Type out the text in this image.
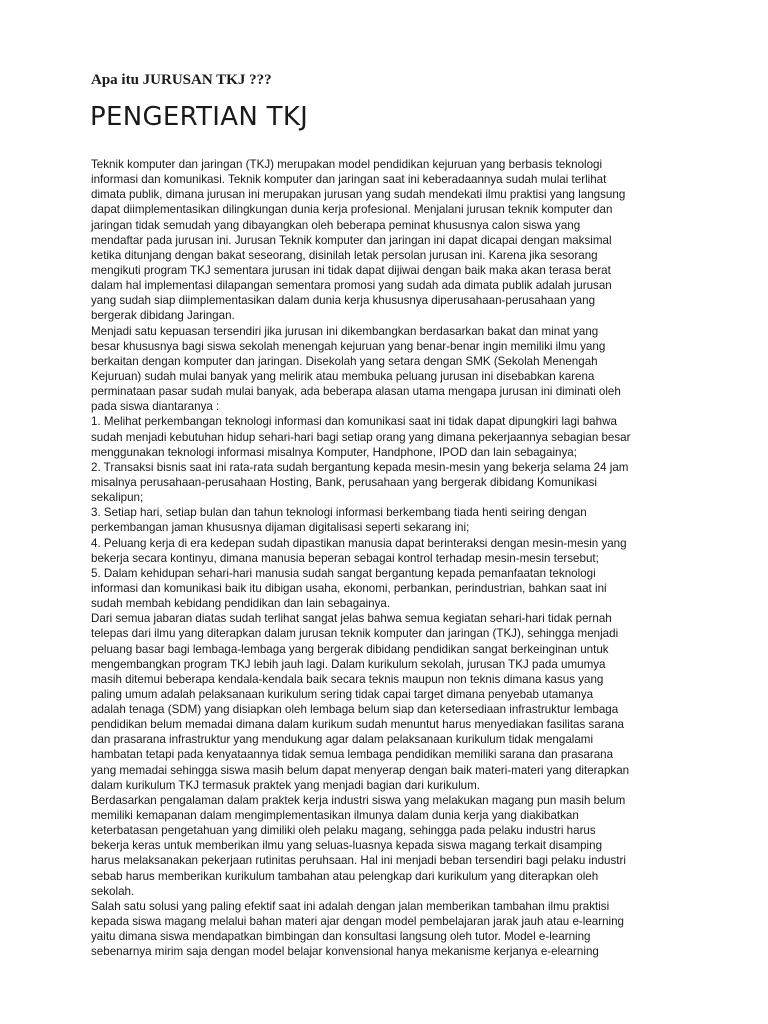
Apa itu JURUSAN TKJ ???
PENGERTIAN TKJ
Teknik komputer dan jaringan (TKJ) merupakan model pendidikan kejuruan yang berbasis teknologi
informasi dan komunikasi. Teknik komputer dan jaringan saat ini keberadaannya sudah mulai terlihat
dimata publik, dimana jurusan ini merupakan jurusan yang sudah mendekati ilmu praktisi yang langsung
dapat diimplementasikan dilingkungan dunia kerja profesional. Menjalani jurusan teknik komputer dan
jaringan tidak semudah yang dibayangkan oleh beberapa peminat khususnya calon siswa yang
mendaftar pada jurusan ini. Jurusan Teknik komputer dan jaringan ini dapat dicapai dengan maksimal
ketika ditunjang dengan bakat seseorang, disinilah letak persolan jurusan ini. Karena jika sesorang
mengikuti program TKJ sementara jurusan ini tidak dapat dijiwai dengan baik maka akan terasa berat
dalam hal implementasi dilapangan sementara promosi yang sudah ada dimata publik adalah jurusan
yang sudah siap diimplementasikan dalam dunia kerja khususnya diperusahaan-perusahaan yang
bergerak dibidang Jaringan.
Menjadi satu kepuasan tersendiri jika jurusan ini dikembangkan berdasarkan bakat dan minat yang
besar khususnya bagi siswa sekolah menengah kejuruan yang benar-benar ingin memiliki ilmu yang
berkaitan dengan komputer dan jaringan. Disekolah yang setara dengan SMK (Sekolah Menengah
Kejuruan) sudah mulai banyak yang melirik atau membuka peluang jurusan ini disebabkan karena
perminataan pasar sudah mulai banyak, ada beberapa alasan utama mengapa jurusan ini diminati oleh
pada siswa diantaranya :
1. Melihat perkembangan teknologi informasi dan komunikasi saat ini tidak dapat dipungkiri lagi bahwa
sudah menjadi kebutuhan hidup sehari-hari bagi setiap orang yang dimana pekerjaannya sebagian besar
menggunakan teknologi informasi misalnya Komputer, Handphone, IPOD dan lain sebagainya;
2. Transaksi bisnis saat ini rata-rata sudah bergantung kepada mesin-mesin yang bekerja selama 24 jam
misalnya perusahaan-perusahaan Hosting, Bank, perusahaan yang bergerak dibidang Komunikasi
sekalipun;
3. Setiap hari, setiap bulan dan tahun teknologi informasi berkembang tiada henti seiring dengan
perkembangan jaman khususnya dijaman digitalisasi seperti sekarang ini;
4. Peluang kerja di era kedepan sudah dipastikan manusia dapat berinteraksi dengan mesin-mesin yang
bekerja secara kontinyu, dimana manusia beperan sebagai kontrol terhadap mesin-mesin tersebut;
5. Dalam kehidupan sehari-hari manusia sudah sangat bergantung kepada pemanfaatan teknologi
informasi dan komunikasi baik itu dibigan usaha, ekonomi, perbankan, perindustrian, bahkan saat ini
sudah membah kebidang pendidikan dan lain sebagainya.
Dari semua jabaran diatas sudah terlihat sangat jelas bahwa semua kegiatan sehari-hari tidak pernah
telepas dari ilmu yang diterapkan dalam jurusan teknik komputer dan jaringan (TKJ), sehingga menjadi
peluang basar bagi lembaga-lembaga yang bergerak dibidang pendidikan sangat berkeinginan untuk
mengembangkan program TKJ lebih jauh lagi. Dalam kurikulum sekolah, jurusan TKJ pada umumya
masih ditemui beberapa kendala-kendala baik secara teknis maupun non teknis dimana kasus yang
paling umum adalah pelaksanaan kurikulum sering tidak capai target dimana penyebab utamanya
adalah tenaga (SDM) yang disiapkan oleh lembaga belum siap dan ketersediaan infrastruktur lembaga
pendidikan belum memadai dimana dalam kurikum sudah menuntut harus menyediakan fasilitas sarana
dan prasarana infrastruktur yang mendukung agar dalam pelaksanaan kurikulum tidak mengalami
hambatan tetapi pada kenyataannya tidak semua lembaga pendidikan memiliki sarana dan prasarana
yang memadai sehingga siswa masih belum dapat menyerap dengan baik materi-materi yang diterapkan
dalam kurikulum TKJ termasuk praktek yang menjadi bagian dari kurikulum.
Berdasarkan pengalaman dalam praktek kerja industri siswa yang melakukan magang pun masih belum
memiliki kemapanan dalam mengimplementasikan ilmunya dalam dunia kerja yang diakibatkan
keterbatasan pengetahuan yang dimiliki oleh pelaku magang, sehingga pada pelaku industri harus
bekerja keras untuk memberikan ilmu yang seluas-luasnya kepada siswa magang terkait disamping
harus melaksanakan pekerjaan rutinitas peruhsaan. Hal ini menjadi beban tersendiri bagi pelaku industri
sebab harus memberikan kurikulum tambahan atau pelengkap dari kurikulum yang diterapkan oleh
sekolah.
Salah satu solusi yang paling efektif saat ini adalah dengan jalan memberikan tambahan ilmu praktisi
kepada siswa magang melalui bahan materi ajar dengan model pembelajaran jarak jauh atau e-learning
yaitu dimana siswa mendapatkan bimbingan dan konsultasi langsung oleh tutor. Model e-learning
sebenarnya mirim saja dengan model belajar konvensional hanya mekanisme kerjanya e-elearning
